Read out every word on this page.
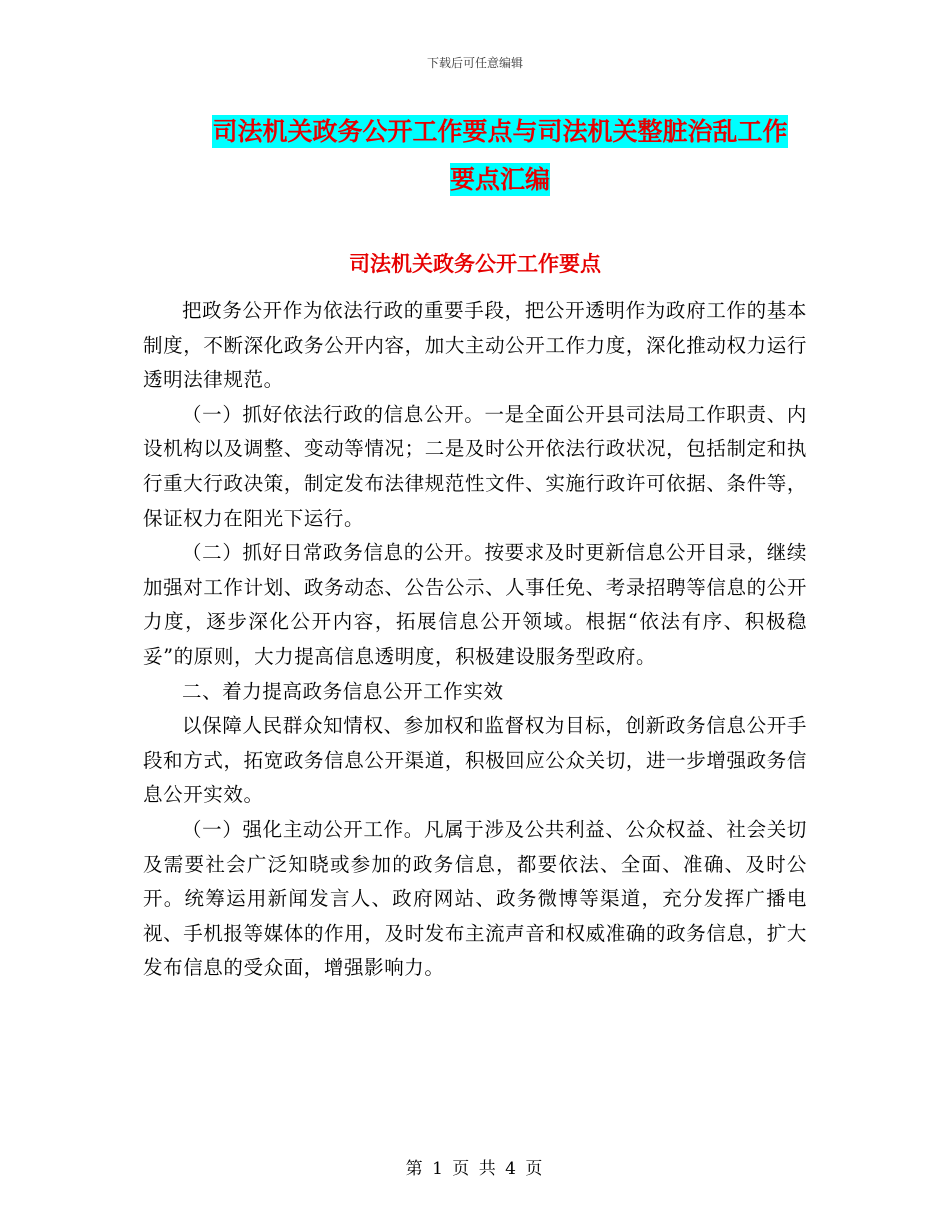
下载后可任意编辑
司法机关政务公开工作要点与司法机关整脏治乱工作
要点汇编
司法机关政务公开工作要点

把政务公开作为依法行政的重要手段，把公开透明作为政府工作的基本制度，不断深化政务公开内容，加大主动公开工作力度，深化推动权力运行透明法律规范。

（一）抓好依法行政的信息公开。一是全面公开县司法局工作职责、内设机构以及调整、变动等情况；二是及时公开依法行政状况，包括制定和执行重大行政决策，制定发布法律规范性文件、实施行政许可依据、条件等，保证权力在阳光下运行。

（二）抓好日常政务信息的公开。按要求及时更新信息公开目录，继续加强对工作计划、政务动态、公告公示、人事任免、考录招聘等信息的公开力度，逐步深化公开内容，拓展信息公开领域。根据“依法有序、积极稳妥”的原则，大力提高信息透明度，积极建设服务型政府。

二、着力提高政务信息公开工作实效

以保障人民群众知情权、参加权和监督权为目标，创新政务信息公开手段和方式，拓宽政务信息公开渠道，积极回应公众关切，进一步增强政务信息公开实效。

（一）强化主动公开工作。凡属于涉及公共利益、公众权益、社会关切及需要社会广泛知晓或参加的政务信息，都要依法、全面、准确、及时公开。统筹运用新闻发言人、政府网站、政务微博等渠道，充分发挥广播电视、手机报等媒体的作用，及时发布主流声音和权威准确的政务信息，扩大发布信息的受众面，增强影响力。

第 1 页 共 4 页
